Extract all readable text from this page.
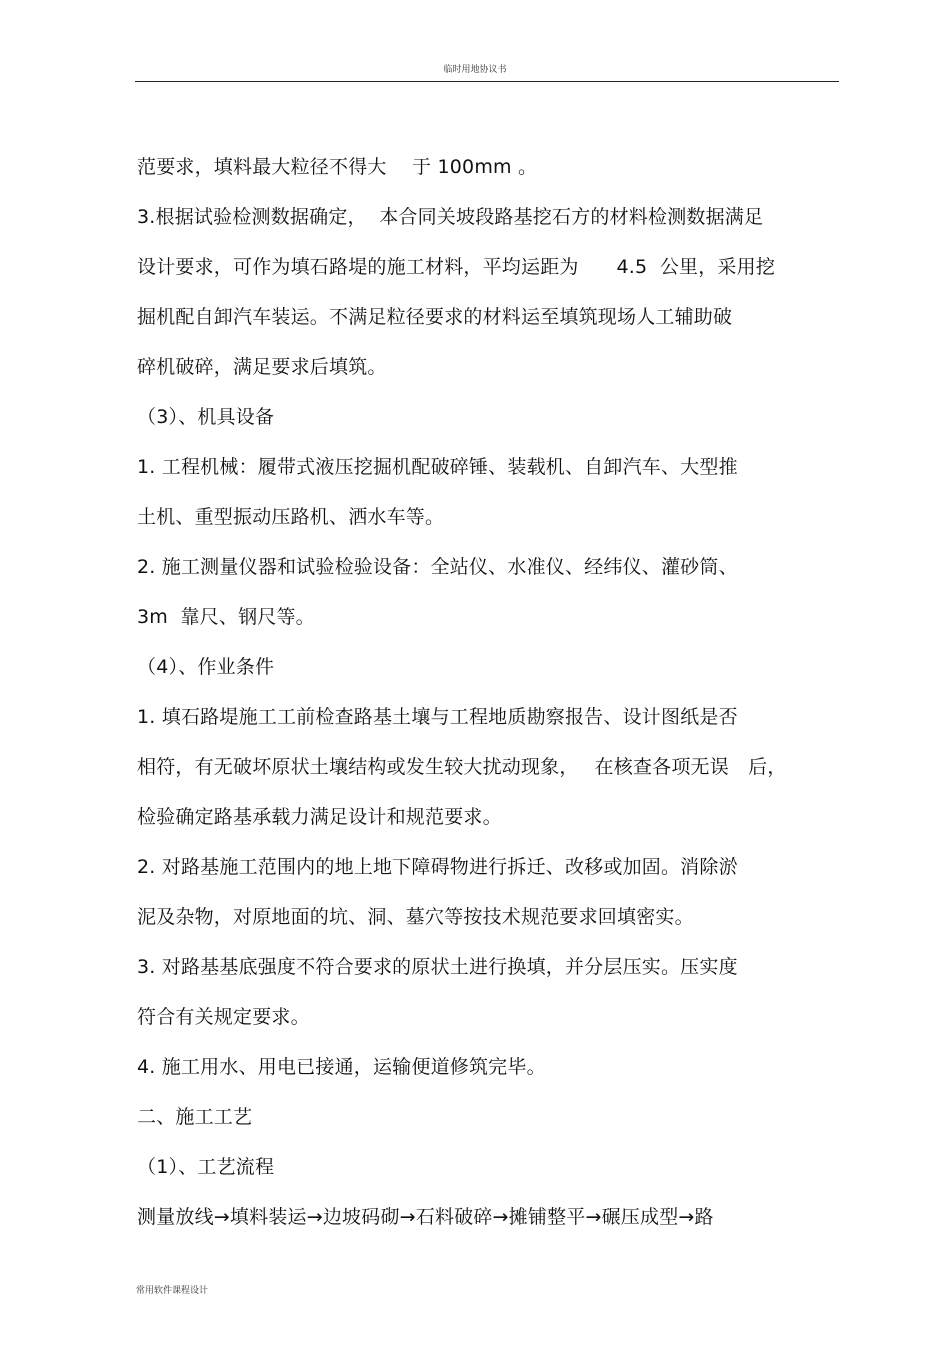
临时用地协议书
范要求，填料最大粒径不得大　 于 100mm 。
3.根据试验检测数据确定，  本合同关坡段路基挖石方的材料检测数据满足
设计要求，可作为填石路堤的施工材料，平均运距为　   4.5  公里，采用挖
掘机配自卸汽车装运。不满足粒径要求的材料运至填筑现场人工辅助破
碎机破碎，满足要求后填筑。
（3）、机具设备
1. 工程机械：履带式液压挖掘机配破碎锤、装载机、自卸汽车、大型推
土机、重型振动压路机、洒水车等。
2. 施工测量仪器和试验检验设备：全站仪、水准仪、经纬仪、灌砂筒、
3m  靠尺、钢尺等。
（4）、作业条件
1. 填石路堤施工工前检查路基土壤与工程地质勘察报告、设计图纸是否
相符，有无破坏原状土壤结构或发生较大扰动现象，　 在核查各项无误　后，
检验确定路基承载力满足设计和规范要求。
2. 对路基施工范围内的地上地下障碍物进行拆迁、改移或加固。消除淤
泥及杂物，对原地面的坑、洞、墓穴等按技术规范要求回填密实。
3. 对路基基底强度不符合要求的原状土进行换填，并分层压实。压实度
符合有关规定要求。
4. 施工用水、用电已接通，运输便道修筑完毕。
二、施工工艺
（1）、工艺流程
测量放线→填料装运→边坡码砌→石料破碎→摊铺整平→碾压成型→路
常用软件课程设计
